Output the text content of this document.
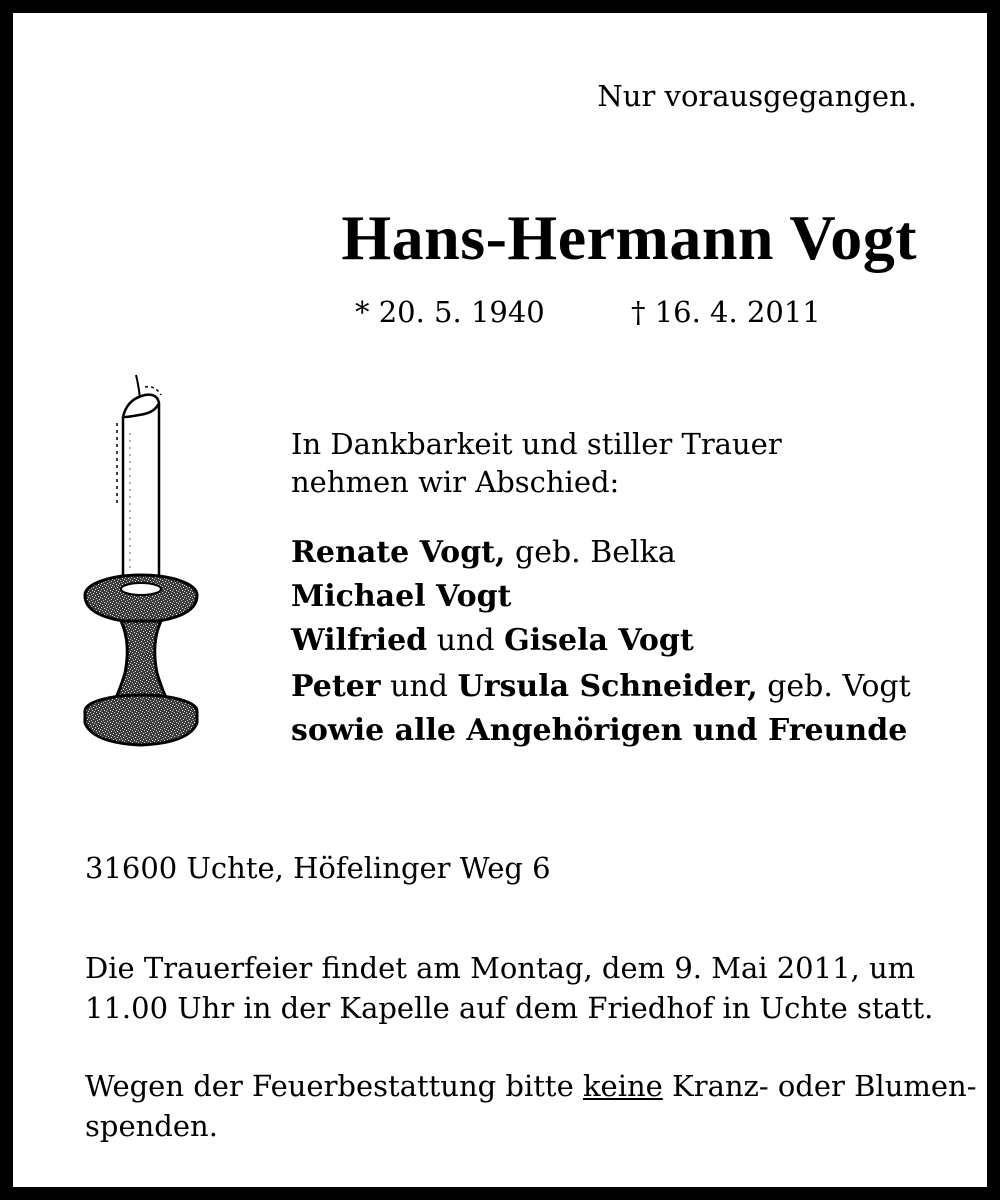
Nur vorausgegangen.

Hans-Hermann Vogt

* 20. 5. 1940	† 16. 4. 2011

In Dankbarkeit und stiller Trauer

nehmen wir Abschied:

Renate Vogt, geb. Belka

Michael Vogt

Wilfried und Gisela Vogt

Peter und Ursula Schneider, geb. Vogt

sowie alle Angehörigen und Freunde

31600 Uchte, Höfelinger Weg 6

Die Trauerfeier findet am Montag, dem 9. Mai 2011, um

11.00 Uhr in der Kapelle auf dem Friedhof in Uchte statt.

Wegen der Feuerbestattung bitte keine Kranz- oder Blumen-

spenden.
